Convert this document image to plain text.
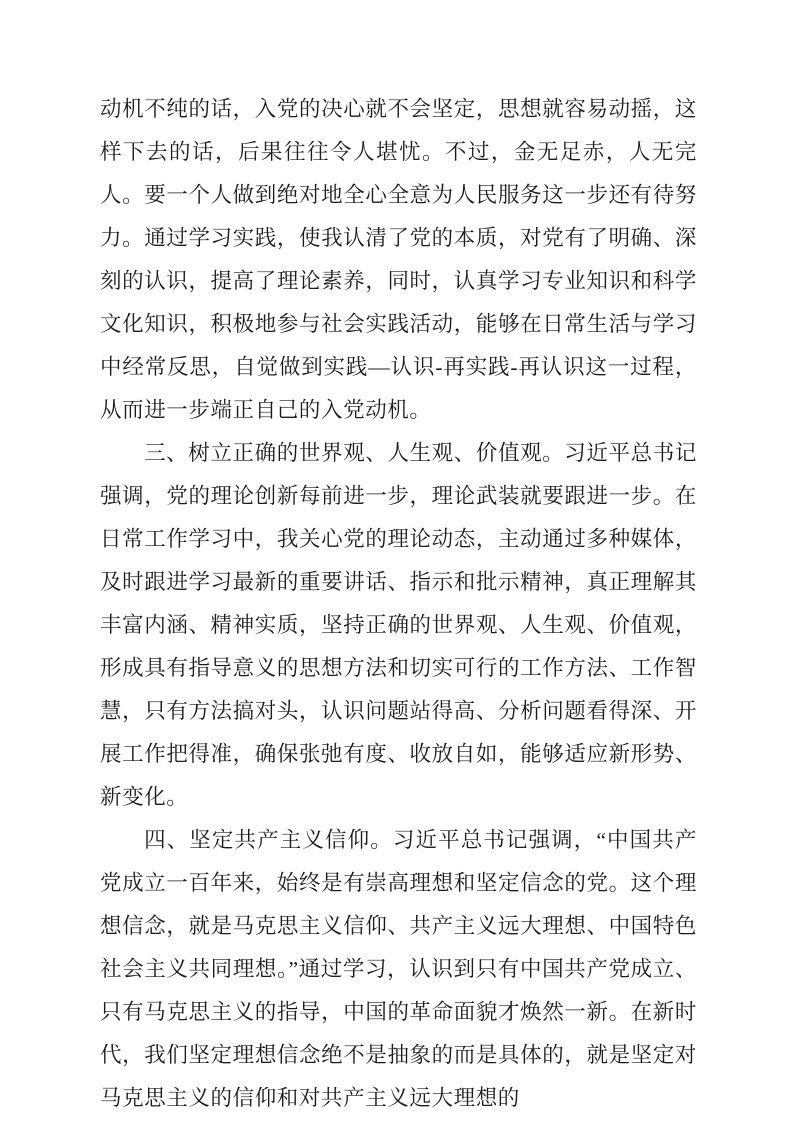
动机不纯的话，入党的决心就不会坚定，思想就容易动摇，这样下去的话，后果往往令人堪忧。不过，金无足赤，人无完人。要一个人做到绝对地全心全意为人民服务这一步还有待努力。通过学习实践，使我认清了党的本质，对党有了明确、深刻的认识，提高了理论素养，同时，认真学习专业知识和科学文化知识，积极地参与社会实践活动，能够在日常生活与学习中经常反思，自觉做到实践—认识-再实践-再认识这一过程，从而进一步端正自己的入党动机。

三、树立正确的世界观、人生观、价值观。习近平总书记强调，党的理论创新每前进一步，理论武装就要跟进一步。在日常工作学习中，我关心党的理论动态，主动通过多种媒体，及时跟进学习最新的重要讲话、指示和批示精神，真正理解其丰富内涵、精神实质，坚持正确的世界观、人生观、价值观，形成具有指导意义的思想方法和切实可行的工作方法、工作智慧，只有方法搞对头，认识问题站得高、分析问题看得深、开展工作把得准，确保张弛有度、收放自如，能够适应新形势、新变化。

四、坚定共产主义信仰。习近平总书记强调，“中国共产党成立一百年来，始终是有崇高理想和坚定信念的党。这个理想信念，就是马克思主义信仰、共产主义远大理想、中国特色社会主义共同理想。”通过学习，认识到只有中国共产党成立、只有马克思主义的指导，中国的革命面貌才焕然一新。在新时代，我们坚定理想信念绝不是抽象的而是具体的，就是坚定对马克思主义的信仰和对共产主义远大理想的
